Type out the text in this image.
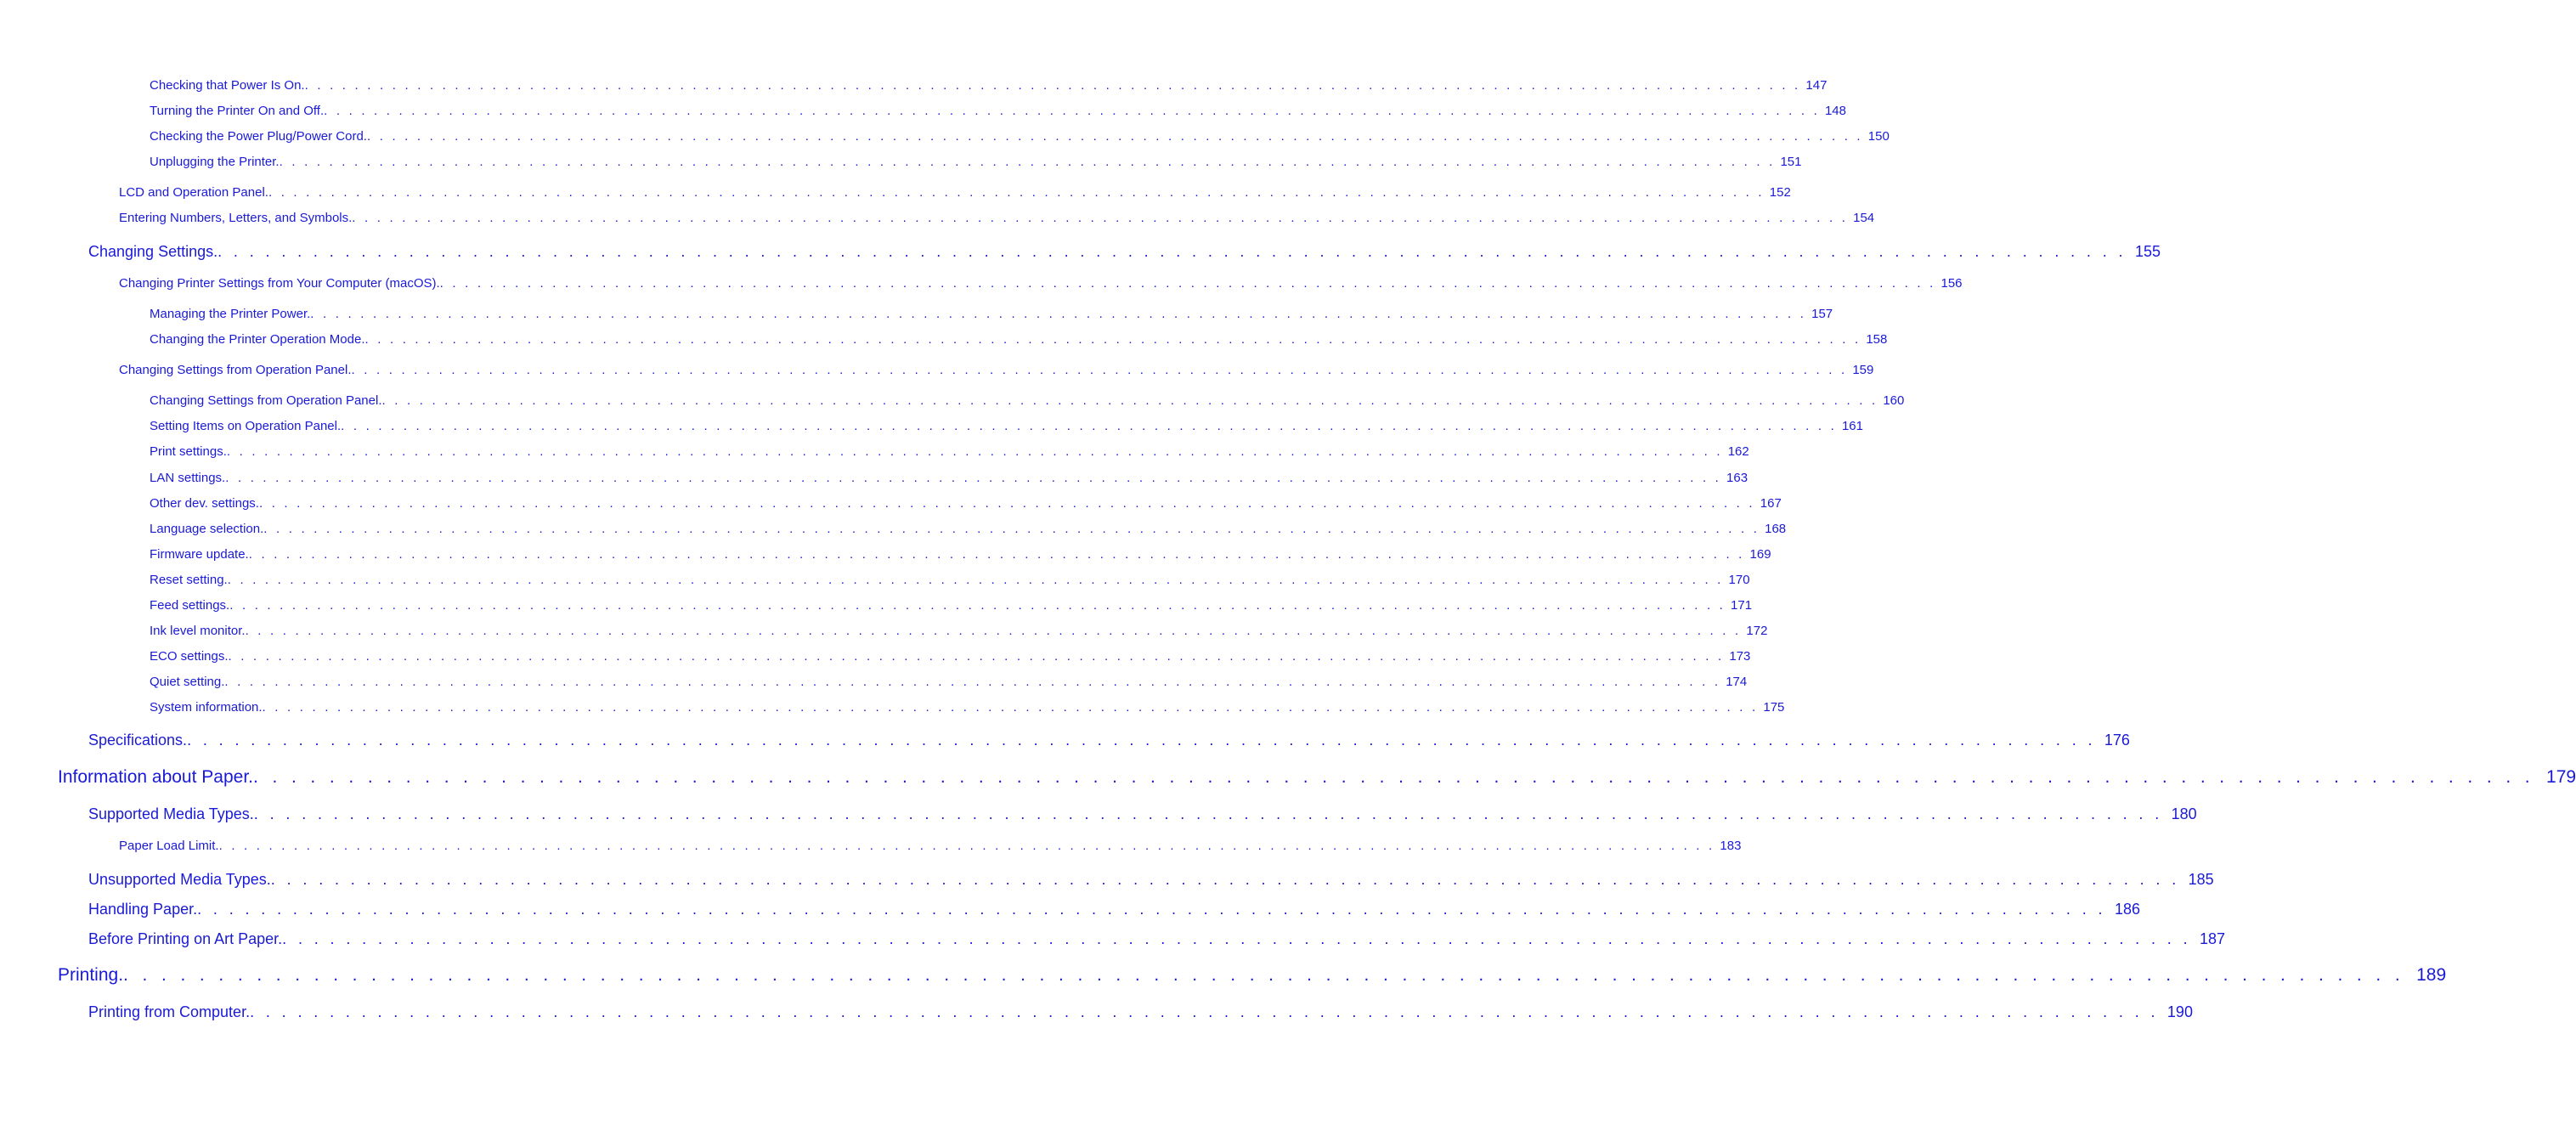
Checking that Power Is On. . . . . . . . . . . . . . . . . . . . . . . . . . . . . . . . . . . . . . . . . . . . . . . . . . . . . . . . . . . . . . . . . . . . . . . . . . . . . . . . . . . . . . . . . . . . . . . . . . . . . . . . . . . . . . . . . . . . . . . . . 147
Turning the Printer On and Off. . . . . . . . . . . . . . . . . . . . . . . . . . . . . . . . . . . . . . . . . . . . . . . . . . . . . . . . . . . . . . . . . . . . . . . . . . . . . . . . . . . . . . . . . . . . . . . . . . . . . . . . . . . . . . . . . . . . . . . . . 148
Checking the Power Plug/Power Cord. . . . . . . . . . . . . . . . . . . . . . . . . . . . . . . . . . . . . . . . . . . . . . . . . . . . . . . . . . . . . . . . . . . . . . . . . . . . . . . . . . . . . . . . . . . . . . . . . . . . . . . . . . . . . . . . . . . . . . . . . 150
Unplugging the Printer. . . . . . . . . . . . . . . . . . . . . . . . . . . . . . . . . . . . . . . . . . . . . . . . . . . . . . . . . . . . . . . . . . . . . . . . . . . . . . . . . . . . . . . . . . . . . . . . . . . . . . . . . . . . . . . . . . . . . . . . . 151
LCD and Operation Panel. . . . . . . . . . . . . . . . . . . . . . . . . . . . . . . . . . . . . . . . . . . . . . . . . . . . . . . . . . . . . . . . . . . . . . . . . . . . . . . . . . . . . . . . . . . . . . . . . . . . . . . . . . . . . . . . . . . . . . . . . 152
Entering Numbers, Letters, and Symbols. . . . . . . . . . . . . . . . . . . . . . . . . . . . . . . . . . . . . . . . . . . . . . . . . . . . . . . . . . . . . . . . . . . . . . . . . . . . . . . . . . . . . . . . . . . . . . . . . . . . . . . . . . . . . . . . . . . . . . . . . 154
Changing Settings. . . . . . . . . . . . . . . . . . . . . . . . . . . . . . . . . . . . . . . . . . . . . . . . . . . . . . . . . . . . . . . . . . . . . . . . . . . . . . . . . . . . . . . . . . . . . . . . . . . . . . . . . . . . . . . . . . . . . . . . . 155
Changing Printer Settings from Your Computer (macOS). . . . . . . . . . . . . . . . . . . . . . . . . . . . . . . . . . . . . . . . . . . . . . . . . . . . . . . . . . . . . . . . . . . . . . . . . . . . . . . . . . . . . . . . . . . . . . . . . . . . . . . . . . . . . . . . . . . . . . . . . 156
Managing the Printer Power. . . . . . . . . . . . . . . . . . . . . . . . . . . . . . . . . . . . . . . . . . . . . . . . . . . . . . . . . . . . . . . . . . . . . . . . . . . . . . . . . . . . . . . . . . . . . . . . . . . . . . . . . . . . . . . . . . . . . . . . . 157
Changing the Printer Operation Mode. . . . . . . . . . . . . . . . . . . . . . . . . . . . . . . . . . . . . . . . . . . . . . . . . . . . . . . . . . . . . . . . . . . . . . . . . . . . . . . . . . . . . . . . . . . . . . . . . . . . . . . . . . . . . . . . . . . . . . . . . 158
Changing Settings from Operation Panel. . . . . . . . . . . . . . . . . . . . . . . . . . . . . . . . . . . . . . . . . . . . . . . . . . . . . . . . . . . . . . . . . . . . . . . . . . . . . . . . . . . . . . . . . . . . . . . . . . . . . . . . . . . . . . . . . . . . . . . . . 159
Changing Settings from Operation Panel. . . . . . . . . . . . . . . . . . . . . . . . . . . . . . . . . . . . . . . . . . . . . . . . . . . . . . . . . . . . . . . . . . . . . . . . . . . . . . . . . . . . . . . . . . . . . . . . . . . . . . . . . . . . . . . . . . . . . . . . . 160
Setting Items on Operation Panel. . . . . . . . . . . . . . . . . . . . . . . . . . . . . . . . . . . . . . . . . . . . . . . . . . . . . . . . . . . . . . . . . . . . . . . . . . . . . . . . . . . . . . . . . . . . . . . . . . . . . . . . . . . . . . . . . . . . . . . . . 161
Print settings. . . . . . . . . . . . . . . . . . . . . . . . . . . . . . . . . . . . . . . . . . . . . . . . . . . . . . . . . . . . . . . . . . . . . . . . . . . . . . . . . . . . . . . . . . . . . . . . . . . . . . . . . . . . . . . . . . . . . . . . . 162
LAN settings. . . . . . . . . . . . . . . . . . . . . . . . . . . . . . . . . . . . . . . . . . . . . . . . . . . . . . . . . . . . . . . . . . . . . . . . . . . . . . . . . . . . . . . . . . . . . . . . . . . . . . . . . . . . . . . . . . . . . . . . . 163
Other dev. settings. . . . . . . . . . . . . . . . . . . . . . . . . . . . . . . . . . . . . . . . . . . . . . . . . . . . . . . . . . . . . . . . . . . . . . . . . . . . . . . . . . . . . . . . . . . . . . . . . . . . . . . . . . . . . . . . . . . . . . . . . 167
Language selection. . . . . . . . . . . . . . . . . . . . . . . . . . . . . . . . . . . . . . . . . . . . . . . . . . . . . . . . . . . . . . . . . . . . . . . . . . . . . . . . . . . . . . . . . . . . . . . . . . . . . . . . . . . . . . . . . . . . . . . . . 168
Firmware update. . . . . . . . . . . . . . . . . . . . . . . . . . . . . . . . . . . . . . . . . . . . . . . . . . . . . . . . . . . . . . . . . . . . . . . . . . . . . . . . . . . . . . . . . . . . . . . . . . . . . . . . . . . . . . . . . . . . . . . . . 169
Reset setting. . . . . . . . . . . . . . . . . . . . . . . . . . . . . . . . . . . . . . . . . . . . . . . . . . . . . . . . . . . . . . . . . . . . . . . . . . . . . . . . . . . . . . . . . . . . . . . . . . . . . . . . . . . . . . . . . . . . . . . . . 170
Feed settings. . . . . . . . . . . . . . . . . . . . . . . . . . . . . . . . . . . . . . . . . . . . . . . . . . . . . . . . . . . . . . . . . . . . . . . . . . . . . . . . . . . . . . . . . . . . . . . . . . . . . . . . . . . . . . . . . . . . . . . . . 171
Ink level monitor. . . . . . . . . . . . . . . . . . . . . . . . . . . . . . . . . . . . . . . . . . . . . . . . . . . . . . . . . . . . . . . . . . . . . . . . . . . . . . . . . . . . . . . . . . . . . . . . . . . . . . . . . . . . . . . . . . . . . . . . . 172
ECO settings. . . . . . . . . . . . . . . . . . . . . . . . . . . . . . . . . . . . . . . . . . . . . . . . . . . . . . . . . . . . . . . . . . . . . . . . . . . . . . . . . . . . . . . . . . . . . . . . . . . . . . . . . . . . . . . . . . . . . . . . . 173
Quiet setting. . . . . . . . . . . . . . . . . . . . . . . . . . . . . . . . . . . . . . . . . . . . . . . . . . . . . . . . . . . . . . . . . . . . . . . . . . . . . . . . . . . . . . . . . . . . . . . . . . . . . . . . . . . . . . . . . . . . . . . . . 174
System information. . . . . . . . . . . . . . . . . . . . . . . . . . . . . . . . . . . . . . . . . . . . . . . . . . . . . . . . . . . . . . . . . . . . . . . . . . . . . . . . . . . . . . . . . . . . . . . . . . . . . . . . . . . . . . . . . . . . . . . . . 175
Specifications. . . . . . . . . . . . . . . . . . . . . . . . . . . . . . . . . . . . . . . . . . . . . . . . . . . . . . . . . . . . . . . . . . . . . . . . . . . . . . . . . . . . . . . . . . . . . . . . . . . . . . . . . . . . . . . . . . . . . . . . . 176
Information about Paper. . . . . . . . . . . . . . . . . . . . . . . . . . . . . . . . . . . . . . . . . . . . . . . . . . . . . . . . . . . . . . . . . . . . . . . . . . . . . . . . . . . . . . . . . . . . . . . . . . . . . . . . . . . . . . . . . . . . . . . . . 179
Supported Media Types. . . . . . . . . . . . . . . . . . . . . . . . . . . . . . . . . . . . . . . . . . . . . . . . . . . . . . . . . . . . . . . . . . . . . . . . . . . . . . . . . . . . . . . . . . . . . . . . . . . . . . . . . . . . . . . . . . . . . . . . . 180
Paper Load Limit. . . . . . . . . . . . . . . . . . . . . . . . . . . . . . . . . . . . . . . . . . . . . . . . . . . . . . . . . . . . . . . . . . . . . . . . . . . . . . . . . . . . . . . . . . . . . . . . . . . . . . . . . . . . . . . . . . . . . . . . . 183
Unsupported Media Types. . . . . . . . . . . . . . . . . . . . . . . . . . . . . . . . . . . . . . . . . . . . . . . . . . . . . . . . . . . . . . . . . . . . . . . . . . . . . . . . . . . . . . . . . . . . . . . . . . . . . . . . . . . . . . . . . . . . . . . . . 185
Handling Paper. . . . . . . . . . . . . . . . . . . . . . . . . . . . . . . . . . . . . . . . . . . . . . . . . . . . . . . . . . . . . . . . . . . . . . . . . . . . . . . . . . . . . . . . . . . . . . . . . . . . . . . . . . . . . . . . . . . . . . . . . 186
Before Printing on Art Paper. . . . . . . . . . . . . . . . . . . . . . . . . . . . . . . . . . . . . . . . . . . . . . . . . . . . . . . . . . . . . . . . . . . . . . . . . . . . . . . . . . . . . . . . . . . . . . . . . . . . . . . . . . . . . . . . . . . . . . . . . 187
Printing. . . . . . . . . . . . . . . . . . . . . . . . . . . . . . . . . . . . . . . . . . . . . . . . . . . . . . . . . . . . . . . . . . . . . . . . . . . . . . . . . . . . . . . . . . . . . . . . . . . . . . . . . . . . . . . . . . . . . . . . . 189
Printing from Computer. . . . . . . . . . . . . . . . . . . . . . . . . . . . . . . . . . . . . . . . . . . . . . . . . . . . . . . . . . . . . . . . . . . . . . . . . . . . . . . . . . . . . . . . . . . . . . . . . . . . . . . . . . . . . . . . . . . . . . . . . 190
